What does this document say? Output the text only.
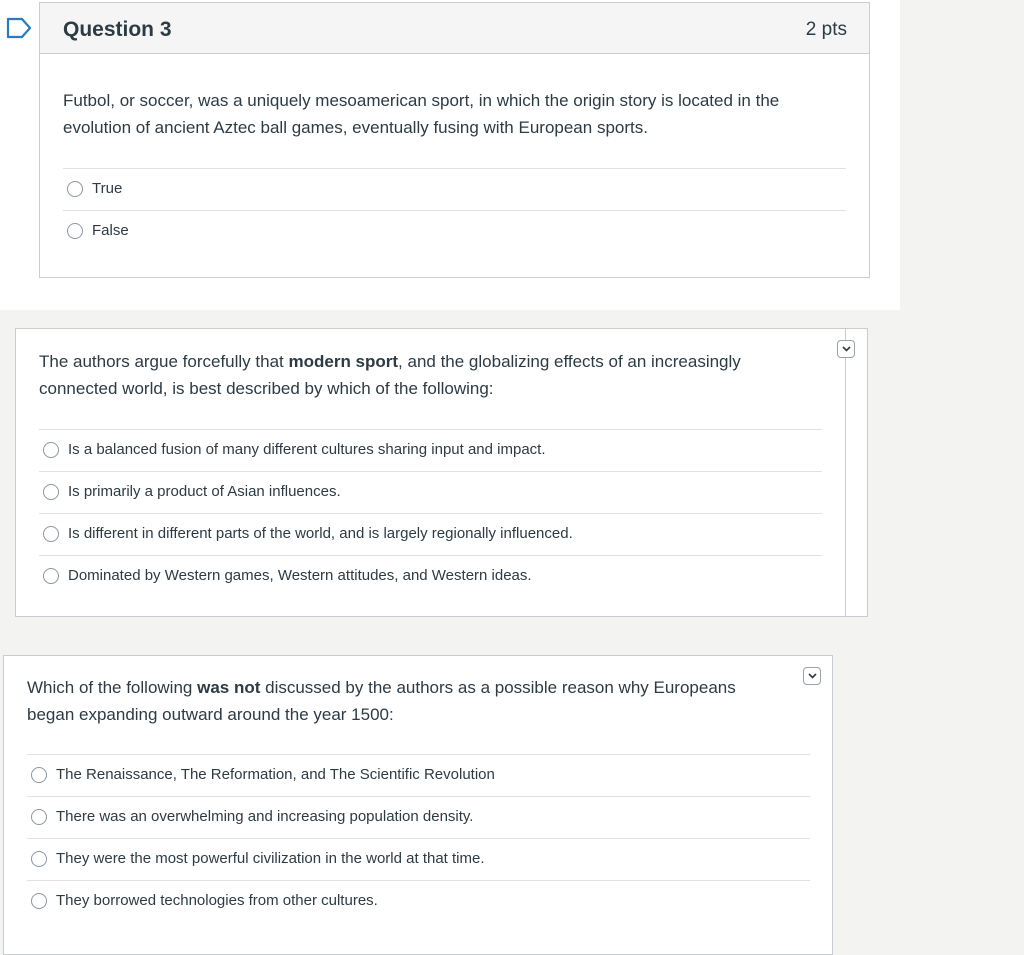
Question 3	2 pts
Futbol, or soccer, was a uniquely mesoamerican sport, in which the origin story is located in the evolution of ancient Aztec ball games, eventually fusing with European sports.
True
False
The authors argue forcefully that modern sport, and the globalizing effects of an increasingly connected world, is best described by which of the following:
Is a balanced fusion of many different cultures sharing input and impact.
Is primarily a product of Asian influences.
Is different in different parts of the world, and is largely regionally influenced.
Dominated by Western games, Western attitudes, and Western ideas.
Which of the following was not discussed by the authors as a possible reason why Europeans began expanding outward around the year 1500:
The Renaissance, The Reformation, and The Scientific Revolution
There was an overwhelming and increasing population density.
They were the most powerful civilization in the world at that time.
They borrowed technologies from other cultures.
